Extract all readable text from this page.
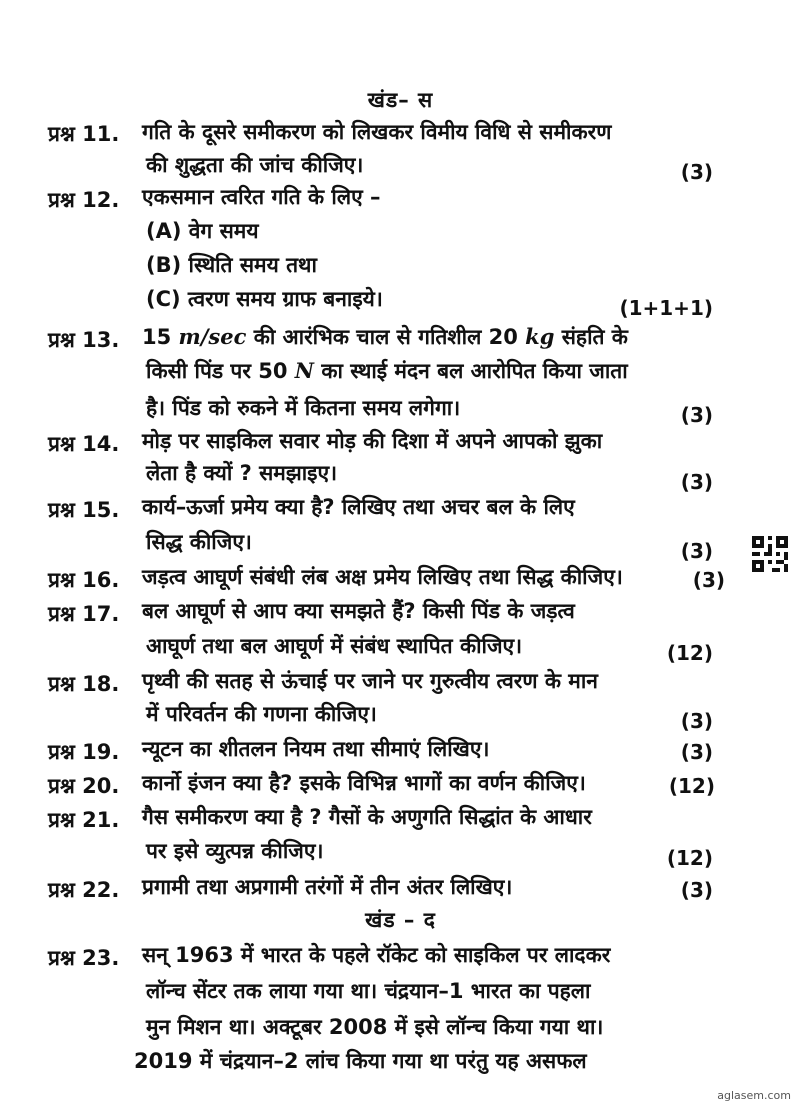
खंड– स
प्रश्न 11. गति के दूसरे समीकरण को लिखकर विमीय विधि से समीकरण
की शुद्धता की जांच कीजिए।	(3)
प्रश्न 12. एकसमान त्वरित गति के लिए –
(A) वेग समय
(B) स्थिति समय तथा
(C) त्वरण समय ग्राफ बनाइये।	(1+1+1)
प्रश्न 13. 15 m/sec की आरंभिक चाल से गतिशील 20 kg संहति के
किसी पिंड पर 50 N का स्थाई मंदन बल आरोपित किया जाता
है। पिंड को रुकने में कितना समय लगेगा।	(3)
प्रश्न 14. मोड़ पर साइकिल सवार मोड़ की दिशा में अपने आपको झुका
लेता है क्यों ? समझाइए।	(3)
प्रश्न 15. कार्य–ऊर्जा प्रमेय क्या है? लिखिए तथा अचर बल के लिए
सिद्ध कीजिए।	(3)
प्रश्न 16. जड़त्व आघूर्ण संबंधी लंब अक्ष प्रमेय लिखिए तथा सिद्ध कीजिए।	(3)
प्रश्न 17. बल आघूर्ण से आप क्या समझते हैं? किसी पिंड के जड़त्व
आघूर्ण तथा बल आघूर्ण में संबंध स्थापित कीजिए।	(12)
प्रश्न 18. पृथ्वी की सतह से ऊंचाई पर जाने पर गुरुत्वीय त्वरण के मान
में परिवर्तन की गणना कीजिए।	(3)
प्रश्न 19. न्यूटन का शीतलन नियम तथा सीमाएं लिखिए।	(3)
प्रश्न 20. कार्नो इंजन क्या है? इसके विभिन्न भागों का वर्णन कीजिए।	(12)
प्रश्न 21. गैस समीकरण क्या है ? गैसों के अणुगति सिद्धांत के आधार
पर इसे व्युत्पन्न कीजिए।	(12)
प्रश्न 22. प्रगामी तथा अप्रगामी तरंगों में तीन अंतर लिखिए।	(3)
खंड – द
प्रश्न 23. सन् 1963 में भारत के पहले रॉकेट को साइकिल पर लादकर
लॉन्च सेंटर तक लाया गया था। चंद्रयान–1 भारत का पहला
मुन मिशन था। अक्टूबर 2008 में इसे लॉन्च किया गया था।
2019 में चंद्रयान–2 लांच किया गया था परंतु यह असफल
aglasem.com
